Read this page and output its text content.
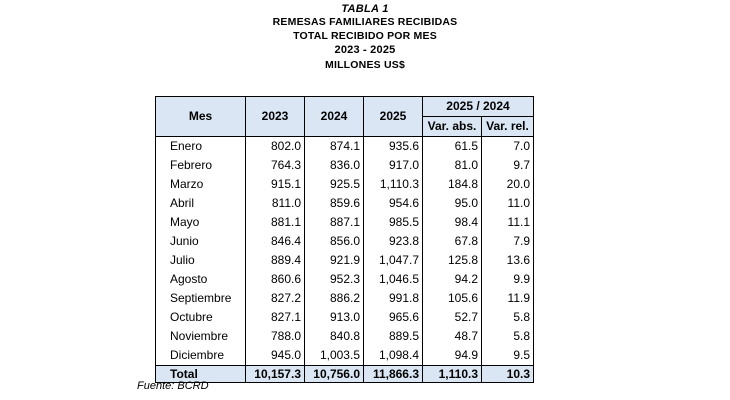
TABLA 1
REMESAS FAMILIARES RECIBIDAS
TOTAL RECIBIDO POR MES
2023 - 2025
MILLONES US$
Mes	2023	2024	2025	2025 / 2024	
				Var. abs.	Var. rel.
Enero	802.0	874.1	935.6	61.5	7.0
Febrero	764.3	836.0	917.0	81.0	9.7
Marzo	915.1	925.5	1,110.3	184.8	20.0
Abril	811.0	859.6	954.6	95.0	11.0
Mayo	881.1	887.1	985.5	98.4	11.1
Junio	846.4	856.0	923.8	67.8	7.9
Julio	889.4	921.9	1,047.7	125.8	13.6
Agosto	860.6	952.3	1,046.5	94.2	9.9
Septiembre	827.2	886.2	991.8	105.6	11.9
Octubre	827.1	913.0	965.6	52.7	5.8
Noviembre	788.0	840.8	889.5	48.7	5.8
Diciembre	945.0	1,003.5	1,098.4	94.9	9.5
Total	10,157.3	10,756.0	11,866.3	1,110.3	10.3
Fuente: BCRD
